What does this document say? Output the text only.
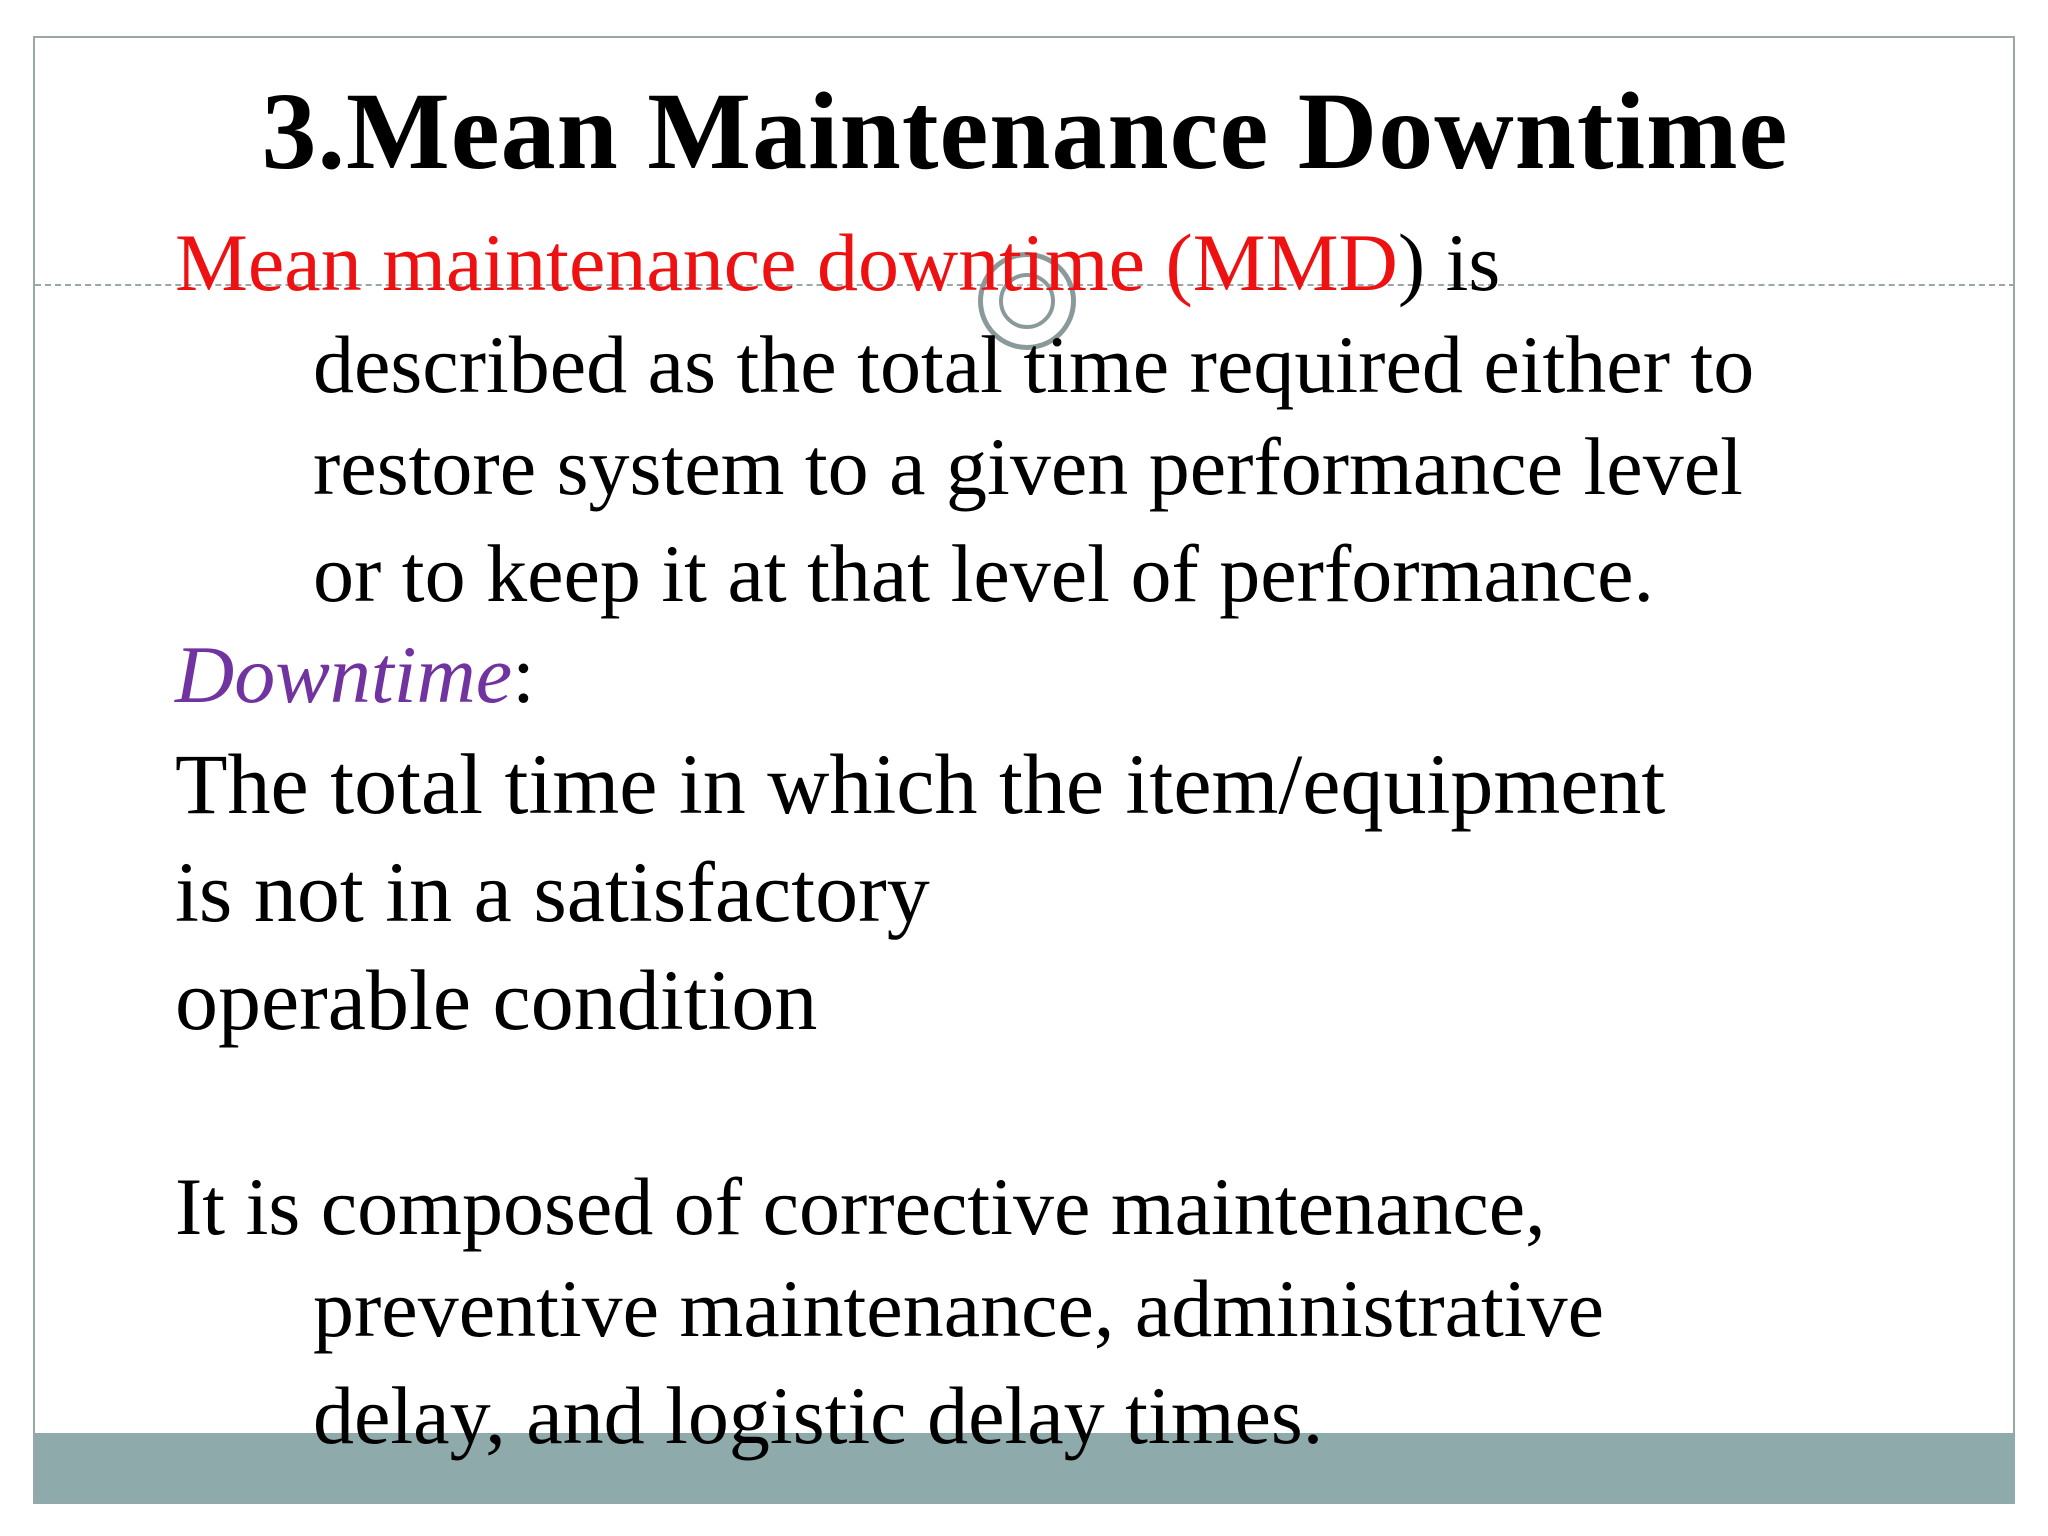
3.Mean Maintenance Downtime
Mean maintenance downtime (MMD) is
described as the total time required either to
restore system to a given performance level
or to keep it at that level of performance.
Downtime:
The total time in which the item/equipment
is not in a satisfactory
operable condition
It is composed of corrective maintenance,
preventive maintenance, administrative
delay, and logistic delay times.
